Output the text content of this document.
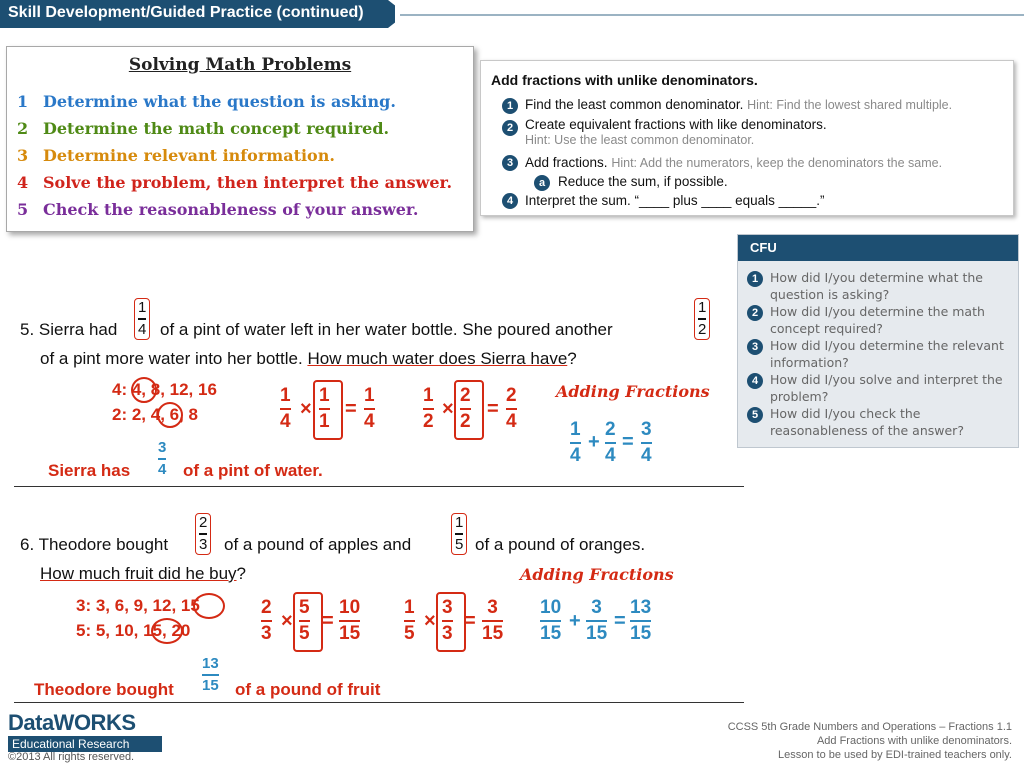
Skill Development/Guided Practice (continued)
Solving Math Problems
1 Determine what the question is asking.
2 Determine the math concept required.
3 Determine relevant information.
4 Solve the problem, then interpret the answer.
5 Check the reasonableness of your answer.
Add fractions with unlike denominators.
1 Find the least common denominator. Hint: Find the lowest shared multiple.
2 Create equivalent fractions with like denominators.
Hint: Use the least common denominator.
3 Add fractions. Hint: Add the numerators, keep the denominators the same.
a Reduce the sum, if possible.
4 Interpret the sum. “____ plus ____ equals _____.”
CFU
1 How did I/you determine what the question is asking?
2 How did I/you determine the math concept required?
3 How did I/you determine the relevant information?
4 How did I/you solve and interpret the problem?
5 How did I/you check the reasonableness of the answer?
5. Sierra had
1
4 of a pint of water left in her water bottle. She poured another
1
2
of a pint more water into her bottle. How much water does Sierra have?
4: 4, 8, 12, 16
2: 2, 4, 6, 8
1
4
×
1
1
=
1
4
1
2
×
2
2
=
2
4
Adding Fractions
1
4
+
2
4
=
3
4
Sierra has
3
4 of a pint of water.
6. Theodore bought
2
3 of a pound of apples and
1
5 of a pound of oranges.
How much fruit did he buy?
3: 3, 6, 9, 12, 15
5: 5, 10, 15, 20
2
3
×
5
5
=
10
15
1
5
×
3
3
=
3
15
Adding Fractions
10
15
+
3
15
=
13
15
Theodore bought
13
15 of a pound of fruit
DataWORKS
Educational Research
©2013 All rights reserved.
CCSS 5th Grade Numbers and Operations – Fractions 1.1
Add Fractions with unlike denominators.
Lesson to be used by EDI-trained teachers only.
